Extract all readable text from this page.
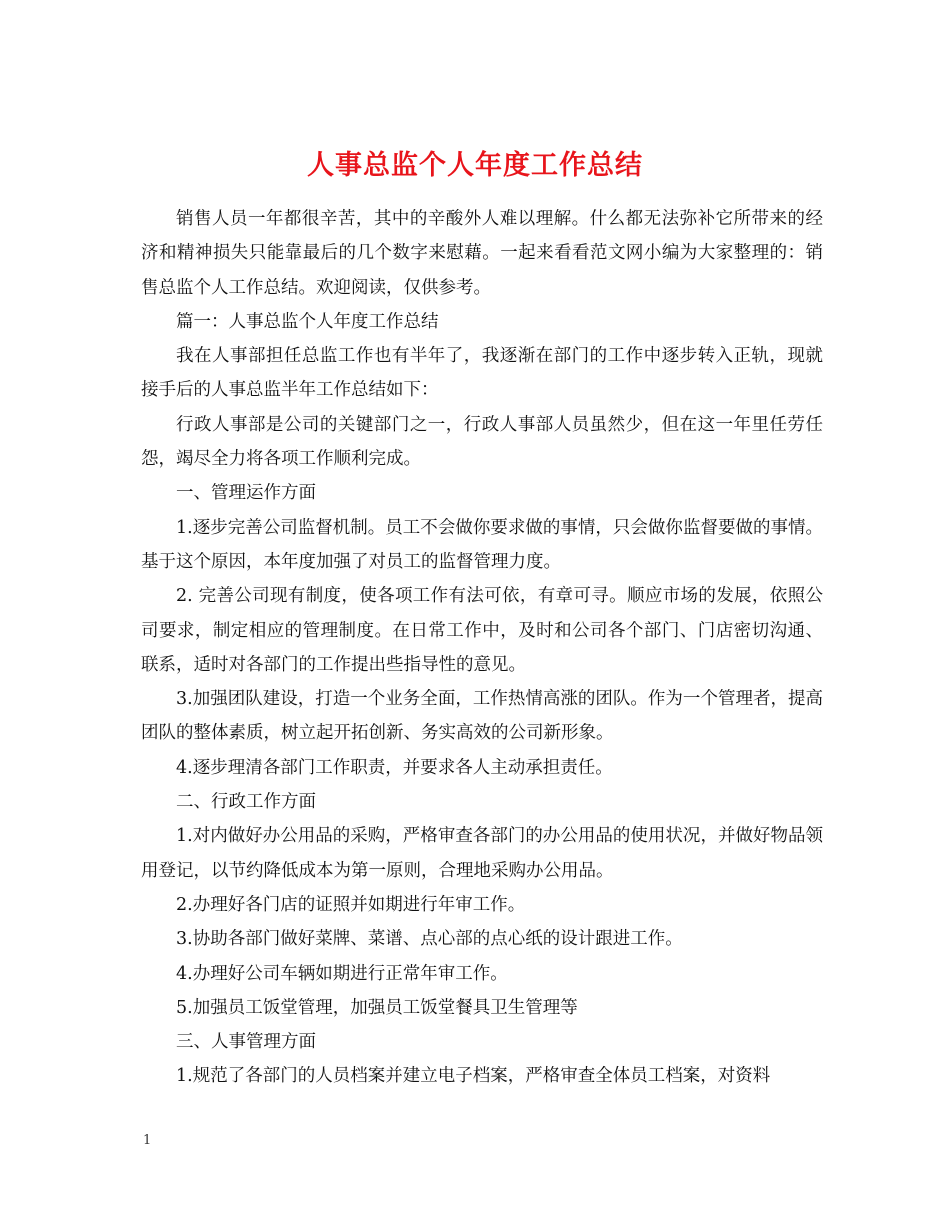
人事总监个人年度工作总结

销售人员一年都很辛苦，其中的辛酸外人难以理解。什么都无法弥补它所带来的经济和精神损失只能靠最后的几个数字来慰藉。一起来看看范文网小编为大家整理的：销售总监个人工作总结。欢迎阅读，仅供参考。

篇一：人事总监个人年度工作总结

我在人事部担任总监工作也有半年了，我逐渐在部门的工作中逐步转入正轨，现就接手后的人事总监半年工作总结如下：

行政人事部是公司的关键部门之一，行政人事部人员虽然少，但在这一年里任劳任怨，竭尽全力将各项工作顺利完成。

一、管理运作方面

1.逐步完善公司监督机制。员工不会做你要求做的事情，只会做你监督要做的事情。基于这个原因，本年度加强了对员工的监督管理力度。

2. 完善公司现有制度，使各项工作有法可依，有章可寻。顺应市场的发展，依照公司要求，制定相应的管理制度。在日常工作中，及时和公司各个部门、门店密切沟通、联系，适时对各部门的工作提出些指导性的意见。

3.加强团队建设，打造一个业务全面，工作热情高涨的团队。作为一个管理者，提高团队的整体素质，树立起开拓创新、务实高效的公司新形象。

4.逐步理清各部门工作职责，并要求各人主动承担责任。

二、行政工作方面

1.对内做好办公用品的采购，严格审查各部门的办公用品的使用状况，并做好物品领用登记，以节约降低成本为第一原则，合理地采购办公用品。

2.办理好各门店的证照并如期进行年审工作。

3.协助各部门做好菜牌、菜谱、点心部的点心纸的设计跟进工作。

4.办理好公司车辆如期进行正常年审工作。

5.加强员工饭堂管理，加强员工饭堂餐具卫生管理等

三、人事管理方面

1.规范了各部门的人员档案并建立电子档案，严格审查全体员工档案，对资料

1
